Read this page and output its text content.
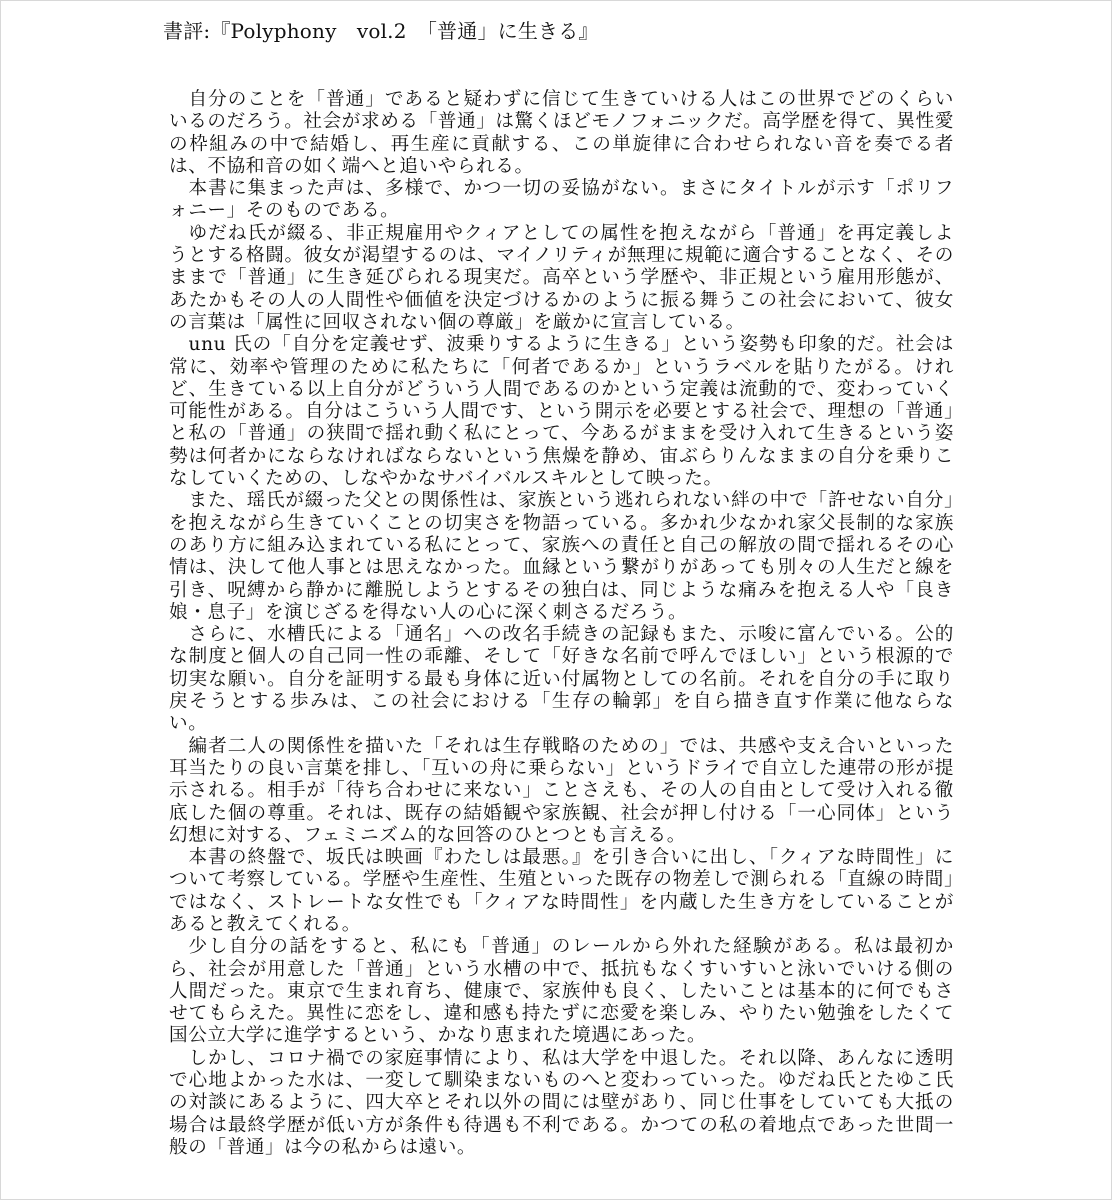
書評:『Polyphony　vol.2　「普通」に生きる』

自分のことを「普通」であると疑わずに信じて生きていける人はこの世界でどのくらいいるのだろう。社会が求める「普通」は驚くほどモノフォニックだ。高学歴を得て、異性愛の枠組みの中で結婚し、再生産に貢献する、この単旋律に合わせられない音を奏でる者は、不協和音の如く端へと追いやられる。

本書に集まった声は、多様で、かつ一切の妥協がない。まさにタイトルが示す「ポリフォニー」そのものである。

ゆだね氏が綴る、非正規雇用やクィアとしての属性を抱えながら「普通」を再定義しようとする格闘。彼女が渇望するのは、マイノリティが無理に規範に適合することなく、そのままで「普通」に生き延びられる現実だ。高卒という学歴や、非正規という雇用形態が、あたかもその人の人間性や価値を決定づけるかのように振る舞うこの社会において、彼女の言葉は「属性に回収されない個の尊厳」を厳かに宣言している。

unu 氏の「自分を定義せず、波乗りするように生きる」という姿勢も印象的だ。社会は常に、効率や管理のために私たちに「何者であるか」というラベルを貼りたがる。けれど、生きている以上自分がどういう人間であるのかという定義は流動的で、変わっていく可能性がある。自分はこういう人間です、という開示を必要とする社会で、理想の「普通」と私の「普通」の狭間で揺れ動く私にとって、今あるがままを受け入れて生きるという姿勢は何者かにならなければならないという焦燥を静め、宙ぶらりんなままの自分を乗りこなしていくための、しなやかなサバイバルスキルとして映った。

また、瑶氏が綴った父との関係性は、家族という逃れられない絆の中で「許せない自分」を抱えながら生きていくことの切実さを物語っている。多かれ少なかれ家父長制的な家族のあり方に組み込まれている私にとって、家族への責任と自己の解放の間で揺れるその心情は、決して他人事とは思えなかった。血縁という繋がりがあっても別々の人生だと線を引き、呪縛から静かに離脱しようとするその独白は、同じような痛みを抱える人や「良き娘・息子」を演じざるを得ない人の心に深く刺さるだろう。

さらに、水槽氏による「通名」への改名手続きの記録もまた、示唆に富んでいる。公的な制度と個人の自己同一性の乖離、そして「好きな名前で呼んでほしい」という根源的で切実な願い。自分を証明する最も身体に近い付属物としての名前。それを自分の手に取り戻そうとする歩みは、この社会における「生存の輪郭」を自ら描き直す作業に他ならない。

編者二人の関係性を描いた「それは生存戦略のための」では、共感や支え合いといった耳当たりの良い言葉を排し、「互いの舟に乗らない」というドライで自立した連帯の形が提示される。相手が「待ち合わせに来ない」ことさえも、その人の自由として受け入れる徹底した個の尊重。それは、既存の結婚観や家族観、社会が押し付ける「一心同体」という幻想に対する、フェミニズム的な回答のひとつとも言える。

本書の終盤で、坂氏は映画『わたしは最悪。』を引き合いに出し、「クィアな時間性」について考察している。学歴や生産性、生殖といった既存の物差しで測られる「直線の時間」ではなく、ストレートな女性でも「クィアな時間性」を内蔵した生き方をしていることがあると教えてくれる。

少し自分の話をすると、私にも「普通」のレールから外れた経験がある。私は最初から、社会が用意した「普通」という水槽の中で、抵抗もなくすいすいと泳いでいける側の人間だった。東京で生まれ育ち、健康で、家族仲も良く、したいことは基本的に何でもさせてもらえた。異性に恋をし、違和感も持たずに恋愛を楽しみ、やりたい勉強をしたくて国公立大学に進学するという、かなり恵まれた境遇にあった。

しかし、コロナ禍での家庭事情により、私は大学を中退した。それ以降、あんなに透明で心地よかった水は、一変して馴染まないものへと変わっていった。ゆだね氏とたゆこ氏の対談にあるように、四大卒とそれ以外の間には壁があり、同じ仕事をしていても大抵の場合は最終学歴が低い方が条件も待遇も不利である。かつての私の着地点であった世間一般の「普通」は今の私からは遠い。
